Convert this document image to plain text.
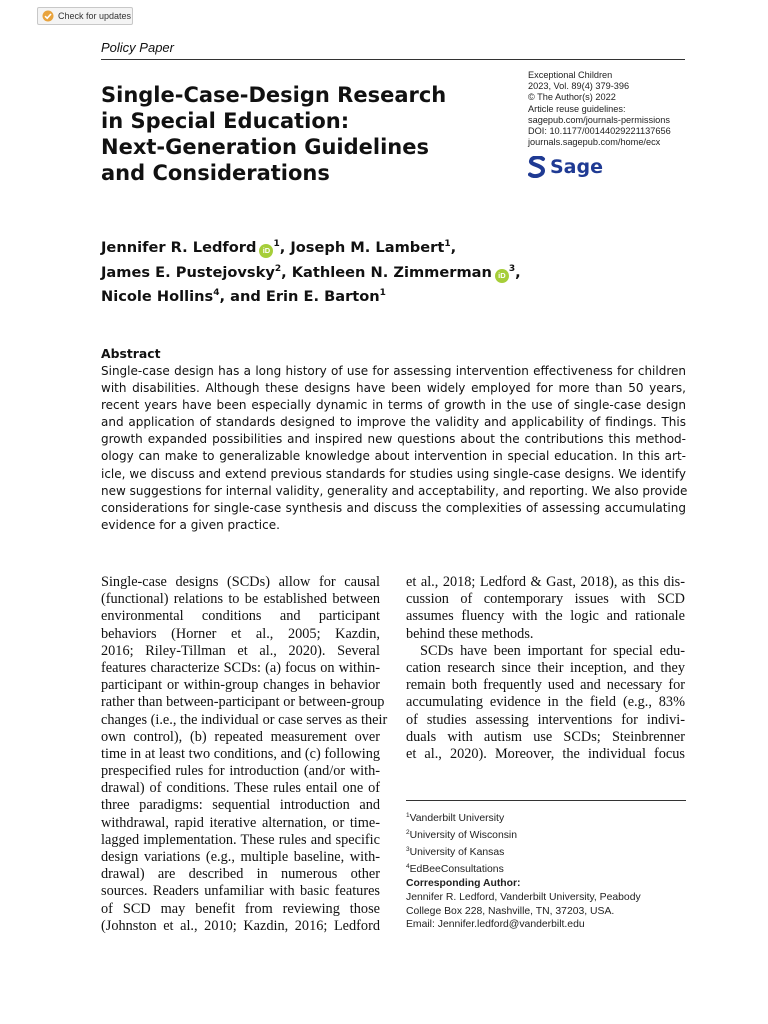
Check for updates
Policy Paper
Single-Case-Design Research
in Special Education:
Next-Generation Guidelines
and Considerations
Exceptional Children
2023, Vol. 89(4) 379-396
© The Author(s) 2022
Article reuse guidelines:
sagepub.com/journals-permissions
DOI: 10.1177/00144029221137656
journals.sagepub.com/home/ecx
Sage
Jennifer R. Ledford $iD^1$, Joseph M. Lambert$^1$,
James E. Pustejovsky$^2$, Kathleen N. Zimmerman $iD^3$,
Nicole Hollins$^4$, and Erin E. Barton$^1$
Abstract
Single-case design has a long history of use for assessing intervention effectiveness for children
with disabilities. Although these designs have been widely employed for more than 50 years,
recent years have been especially dynamic in terms of growth in the use of single-case design
and application of standards designed to improve the validity and applicability of findings. This
growth expanded possibilities and inspired new questions about the contributions this method-
ology can make to generalizable knowledge about intervention in special education. In this art-
icle, we discuss and extend previous standards for studies using single-case designs. We identify
new suggestions for internal validity, generality and acceptability, and reporting. We also provide
considerations for single-case synthesis and discuss the complexities of assessing accumulating
evidence for a given practice.
Single-case designs (SCDs) allow for causal
(functional) relations to be established between
environmental conditions and participant
behaviors (Horner et al., 2005; Kazdin,
2016; Riley-Tillman et al., 2020). Several
features characterize SCDs: (a) focus on within-
participant or within-group changes in behavior
rather than between-participant or between-group
changes (i.e., the individual or case serves as their
own control), (b) repeated measurement over
time in at least two conditions, and (c) following
prespecified rules for introduction (and/or with-
drawal) of conditions. These rules entail one of
three paradigms: sequential introduction and
withdrawal, rapid iterative alternation, or time-
lagged implementation. These rules and specific
design variations (e.g., multiple baseline, with-
drawal) are described in numerous other
sources. Readers unfamiliar with basic features
of SCD may benefit from reviewing those
(Johnston et al., 2010; Kazdin, 2016; Ledford
et al., 2018; Ledford & Gast, 2018), as this dis-
cussion of contemporary issues with SCD
assumes fluency with the logic and rationale
behind these methods.
SCDs have been important for special edu-
cation research since their inception, and they
remain both frequently used and necessary for
accumulating evidence in the field (e.g., 83%
of studies assessing interventions for indivi-
duals with autism use SCDs; Steinbrenner
et al., 2020). Moreover, the individual focus
$^1$Vanderbilt University
$^2$University of Wisconsin
$^3$University of Kansas
$^4$EdBeeConsultations
Corresponding Author:
Jennifer R. Ledford, Vanderbilt University, Peabody
College Box 228, Nashville, TN, 37203, USA.
Email: Jennifer.ledford@vanderbilt.edu
